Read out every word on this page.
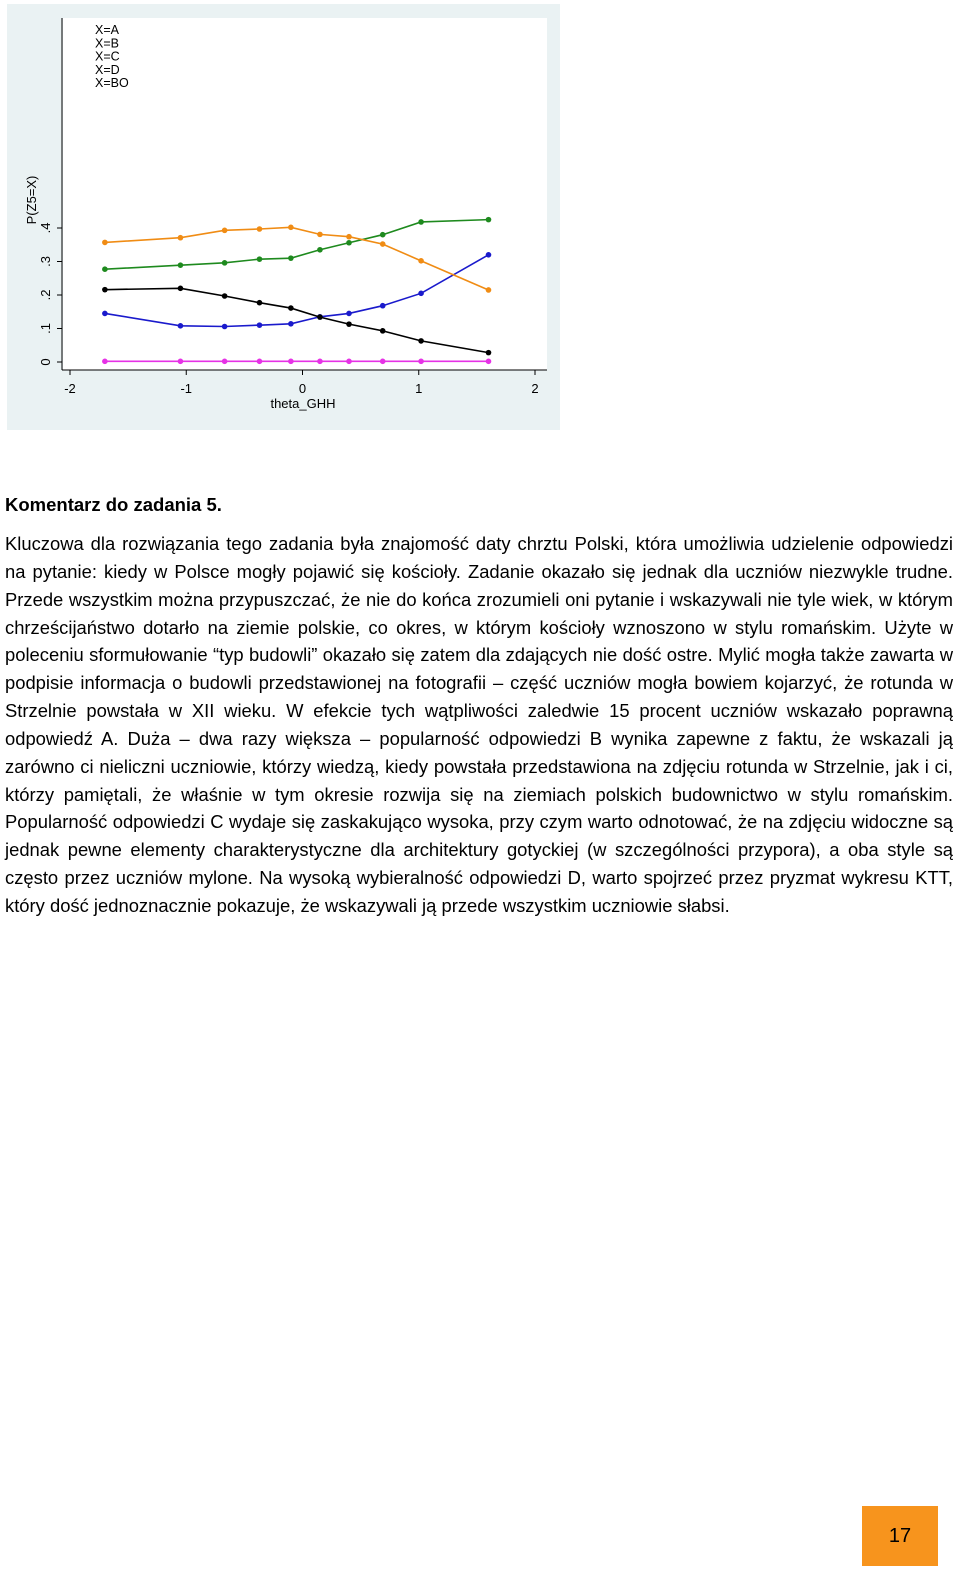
0
.1
.2
.3
.4
-2	-1	0	1	2
X=A
X=B
X=C
X=D
X=BO
theta_GHH
P(Z5=X)

Komentarz do zadania 5.

Kluczowa dla rozwiązania tego zadania była znajomość daty chrztu Polski, która umożliwia udzielenie odpowiedzi na pytanie: kiedy w Polsce mogły pojawić się kościoły. Zadanie okazało się jednak dla uczniów niezwykle trudne. Przede wszystkim można przypuszczać, że nie do końca zrozumieli oni pytanie i wskazywali nie tyle wiek, w którym chrześcijaństwo dotarło na ziemie polskie, co okres, w którym kościoły wznoszono w stylu romańskim. Użyte w poleceniu sformułowanie “typ budowli” okazało się zatem dla zdających nie dość ostre. Mylić mogła także zawarta w podpisie informacja o budowli przedstawionej na fotografii – część uczniów mogła bowiem kojarzyć, że rotunda w Strzelnie powstała w XII wieku. W efekcie tych wątpliwości zaledwie 15 procent uczniów wskazało poprawną odpowiedź A. Duża – dwa razy większa – popularność odpowiedzi B wynika zapewne z faktu, że wskazali ją zarówno ci nieliczni uczniowie, którzy wiedzą, kiedy powstała przedstawiona na zdjęciu rotunda w Strzelnie, jak i ci, którzy pamiętali, że właśnie w tym okresie rozwija się na ziemiach polskich budownictwo w stylu romańskim. Popularność odpowiedzi C wydaje się zaskakująco wysoka, przy czym warto odnotować, że na zdjęciu widoczne są jednak pewne elementy charakterystyczne dla architektury gotyckiej (w szczególności przypora), a oba style są często przez uczniów mylone. Na wysoką wybieralność odpowiedzi D, warto spojrzeć przez pryzmat wykresu KTT, który dość jednoznacznie pokazuje, że wskazywali ją przede wszystkim uczniowie słabsi.

17
